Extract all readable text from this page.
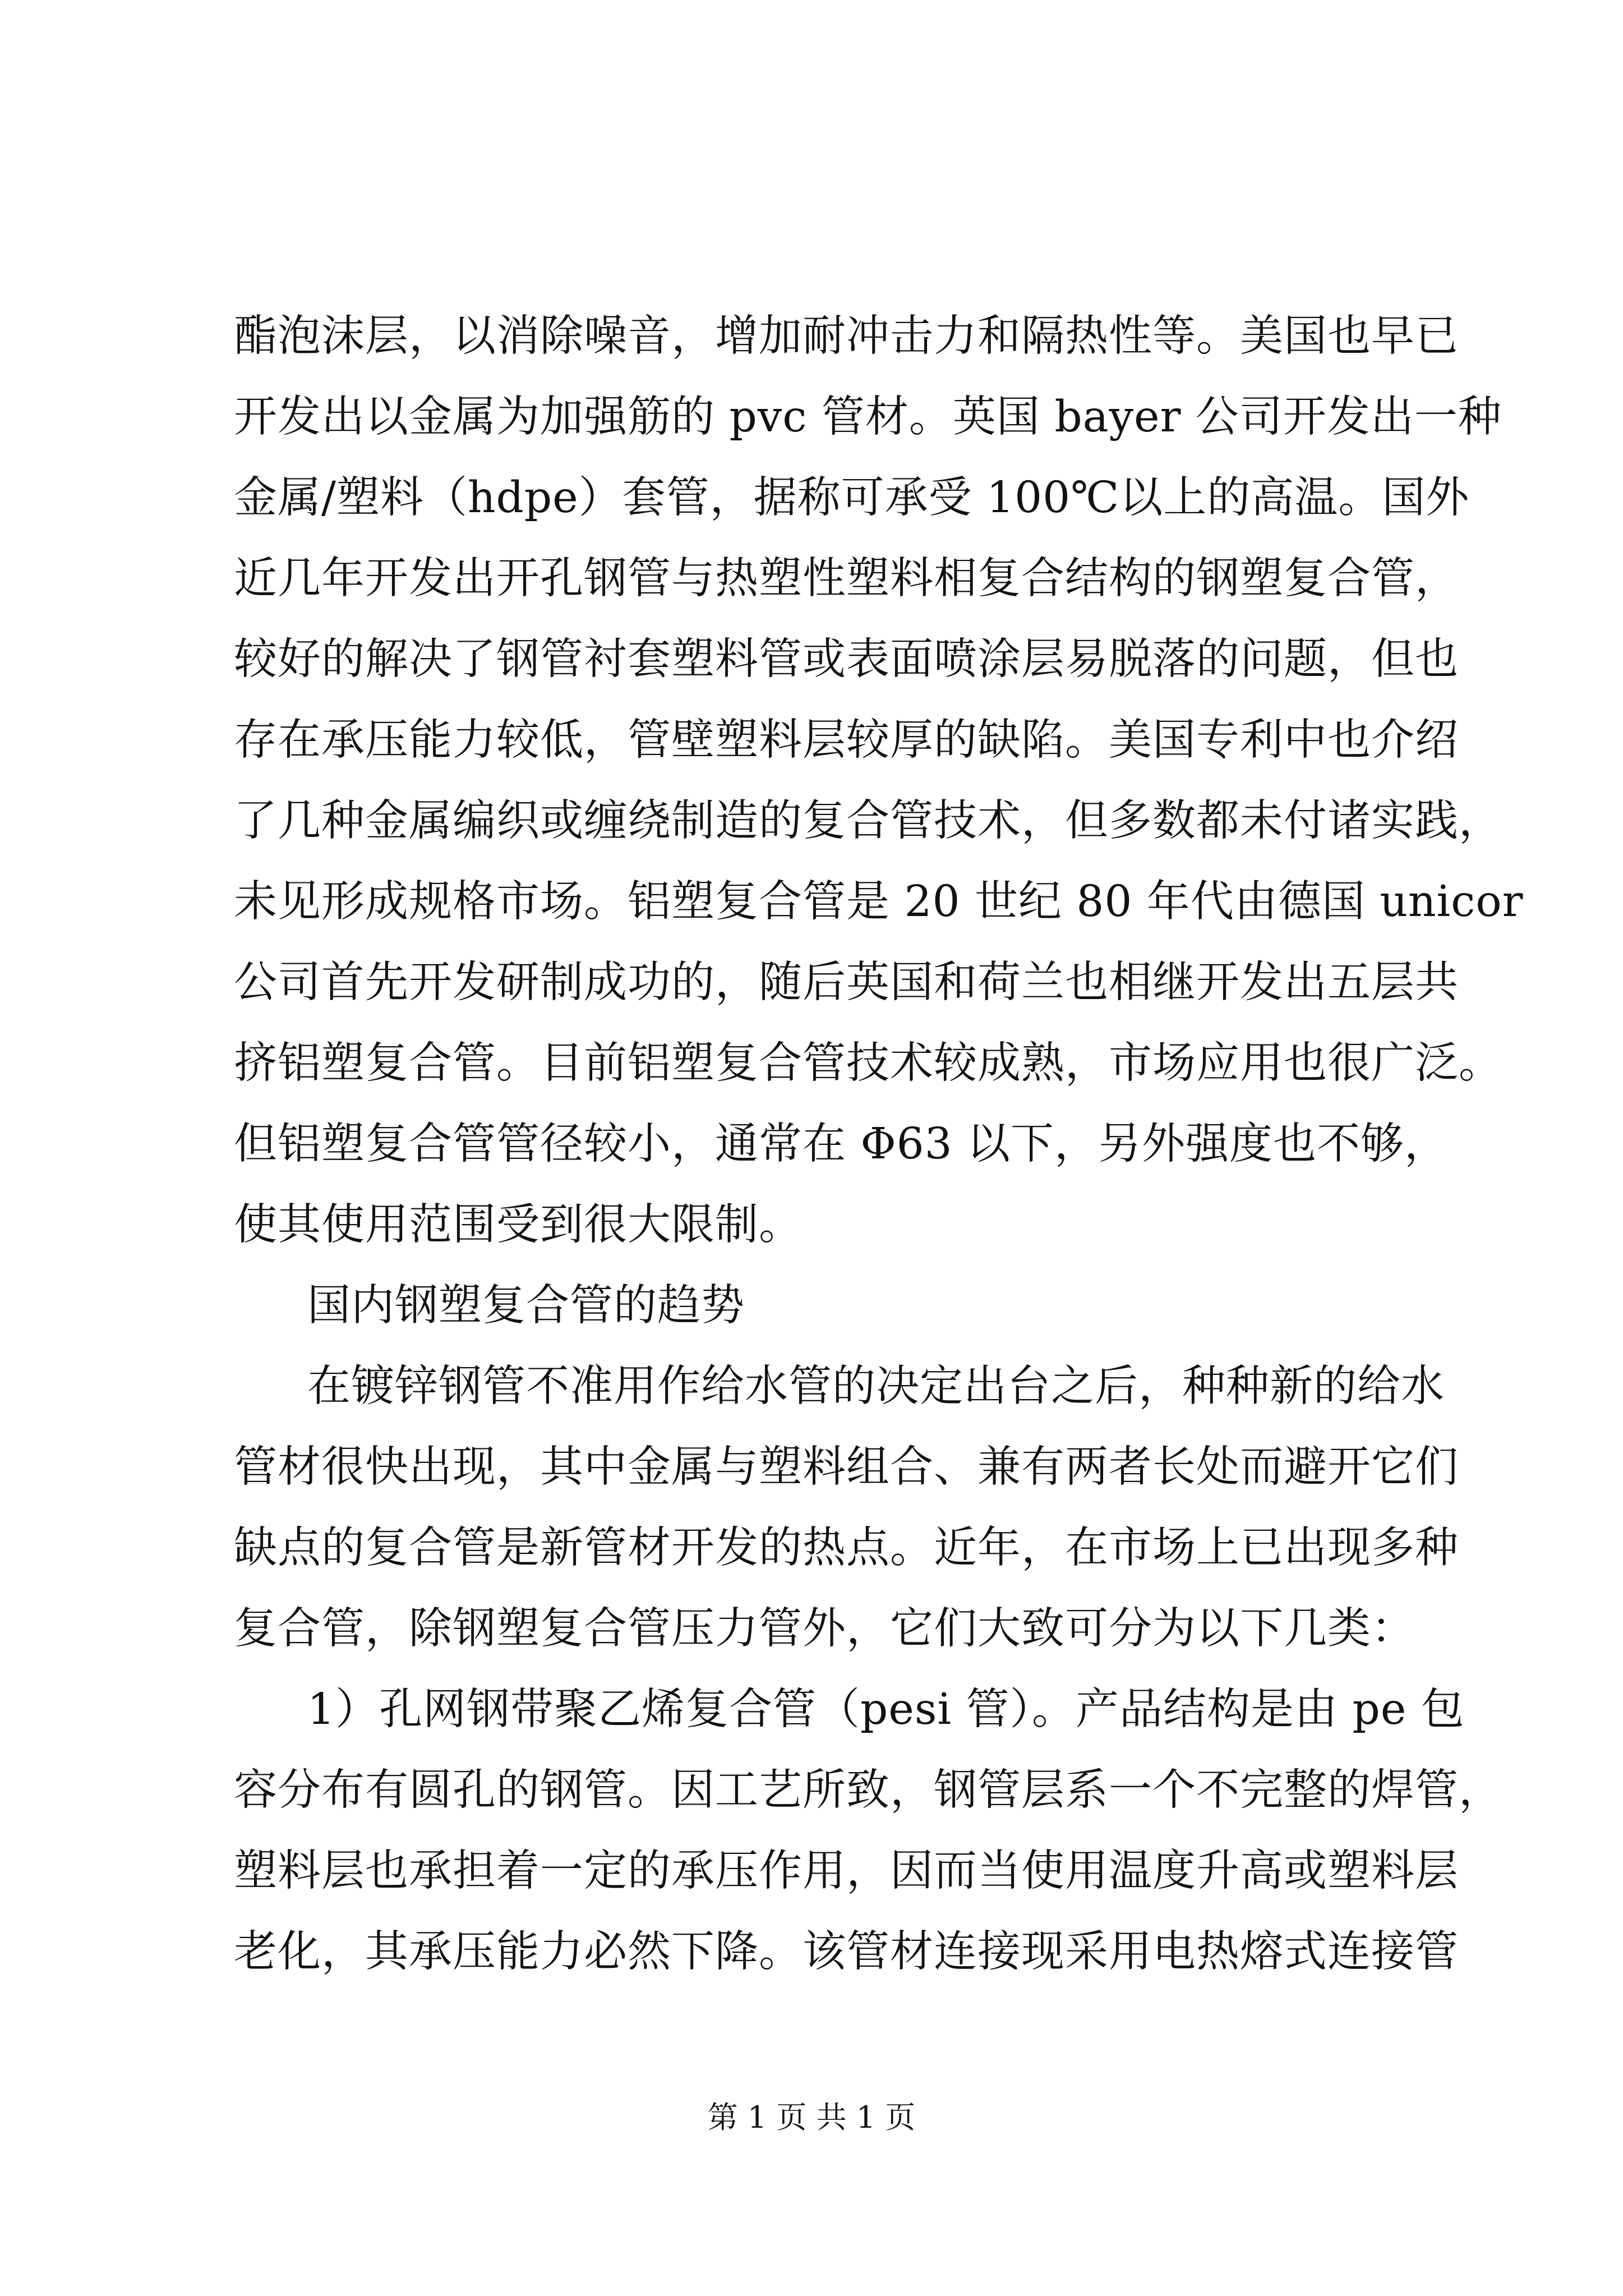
酯泡沫层，以消除噪音，增加耐冲击力和隔热性等。美国也早已
开发出以金属为加强筋的 pvc 管材。英国 bayer 公司开发出一种
金属/塑料（hdpe）套管，据称可承受 100℃以上的高温。国外
近几年开发出开孔钢管与热塑性塑料相复合结构的钢塑复合管，
较好的解决了钢管衬套塑料管或表面喷涂层易脱落的问题，但也
存在承压能力较低，管壁塑料层较厚的缺陷。美国专利中也介绍
了几种金属编织或缠绕制造的复合管技术，但多数都未付诸实践，
未见形成规格市场。铝塑复合管是 20 世纪 80 年代由德国 unicor
公司首先开发研制成功的，随后英国和荷兰也相继开发出五层共
挤铝塑复合管。目前铝塑复合管技术较成熟，市场应用也很广泛。
但铝塑复合管管径较小，通常在 Φ63 以下，另外强度也不够，
使其使用范围受到很大限制。
国内钢塑复合管的趋势
在镀锌钢管不准用作给水管的决定出台之后，种种新的给水
管材很快出现，其中金属与塑料组合、兼有两者长处而避开它们
缺点的复合管是新管材开发的热点。近年，在市场上已出现多种
复合管，除钢塑复合管压力管外，它们大致可分为以下几类：
1）孔网钢带聚乙烯复合管（pesi 管）。产品结构是由 pe 包
容分布有圆孔的钢管。因工艺所致，钢管层系一个不完整的焊管，
塑料层也承担着一定的承压作用，因而当使用温度升高或塑料层
老化，其承压能力必然下降。该管材连接现采用电热熔式连接管
第 1 页 共 1 页
